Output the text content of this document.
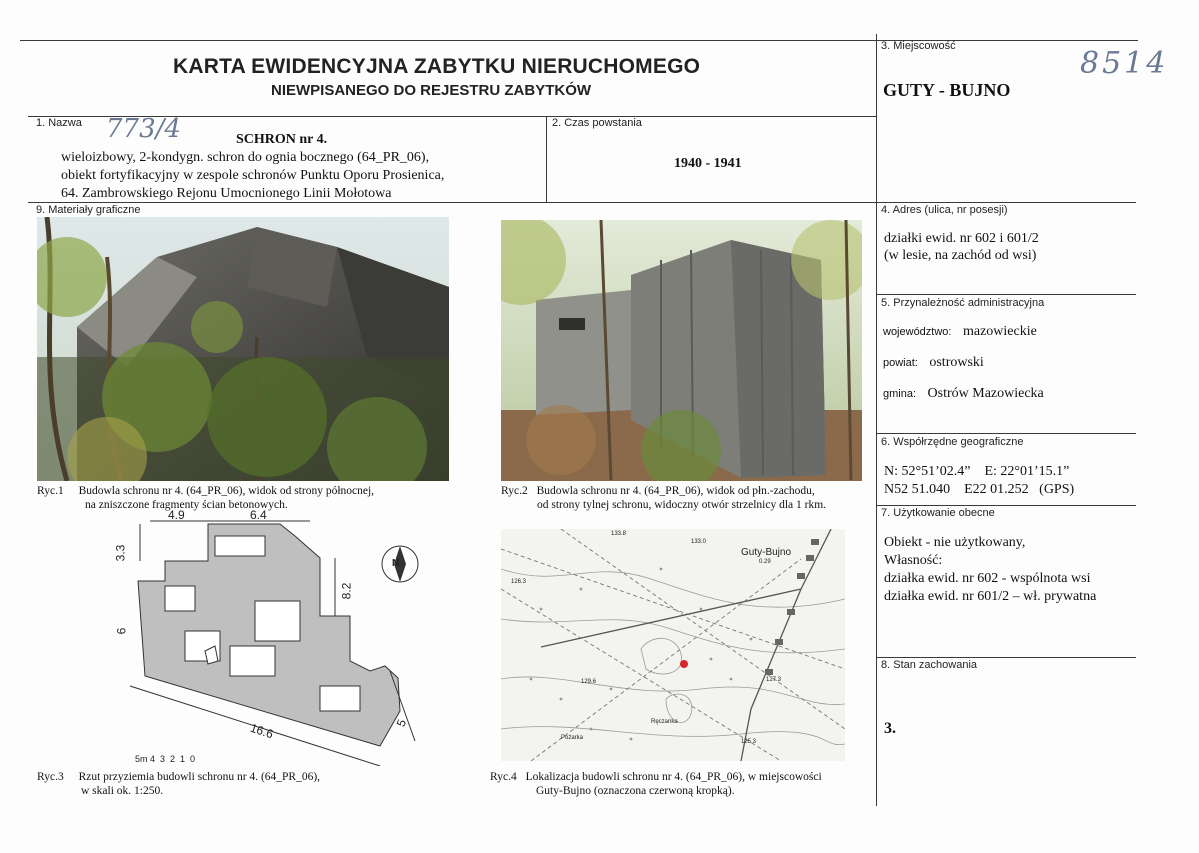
KARTA EWIDENCYJNA ZABYTKU NIERUCHOMEGO
NIEWPISANEGO DO REJESTRU ZABYTKÓW
8514
3. Miejscowość
GUTY - BUJNO
1. Nazwa 773/4	SCHRON nr 4.
wieloizbowy, 2-kondygn. schron do ognia bocznego (64_PR_06),
obiekt fortyfikacyjny w zespole schronów Punktu Oporu Prosienica,
64. Zambrowskiego Rejonu Umocnionego Linii Mołotowa
2. Czas powstania
1940 - 1941
9. Materiały graficzne	4. Adres (ulica, nr posesji)
działki ewid. nr 602 i 601/2
(w lesie, na zachód od wsi)
5. Przynależność administracyjna
województwo: mazowieckie
powiat: ostrowski
gmina: Ostrów Mazowiecka
6. Współrzędne geograficzne
N: 52°51’02.4”    E: 22°01’15.1”
N52 51.040    E22 01.252   (GPS)
7. Użytkowanie obecne
Obiekt - nie użytkowany,
Własność:
działka ewid. nr 602 - wspólnota wsi
działka ewid. nr 601/2 – wł. prywatna
8. Stan zachowania
3.
Ryc.1 Budowla schronu nr 4. (64_PR_06), widok od strony północnej,
na zniszczone fragmenty ścian betonowych.
Ryc.2 Budowla schronu nr 4. (64_PR_06), widok od płn.-zachodu,
od strony tylnej schronu, widoczny otwór strzelnicy dla 1 rkm.
4.9	6.4
3.3
6
8.2
16.6	5
N
5m 4  3  2  1  0
Guty-Bujno
133.8
133.0
126.3
129.6	127.3
125.3
0.29
Poźarka
Ręczanka
Ryc.3 Rzut przyziemia budowli schronu nr 4. (64_PR_06),
w skali ok. 1:250.
Ryc.4 Lokalizacja budowli schronu nr 4. (64_PR_06), w miejscowości
Guty-Bujno (oznaczona czerwoną kropką).
